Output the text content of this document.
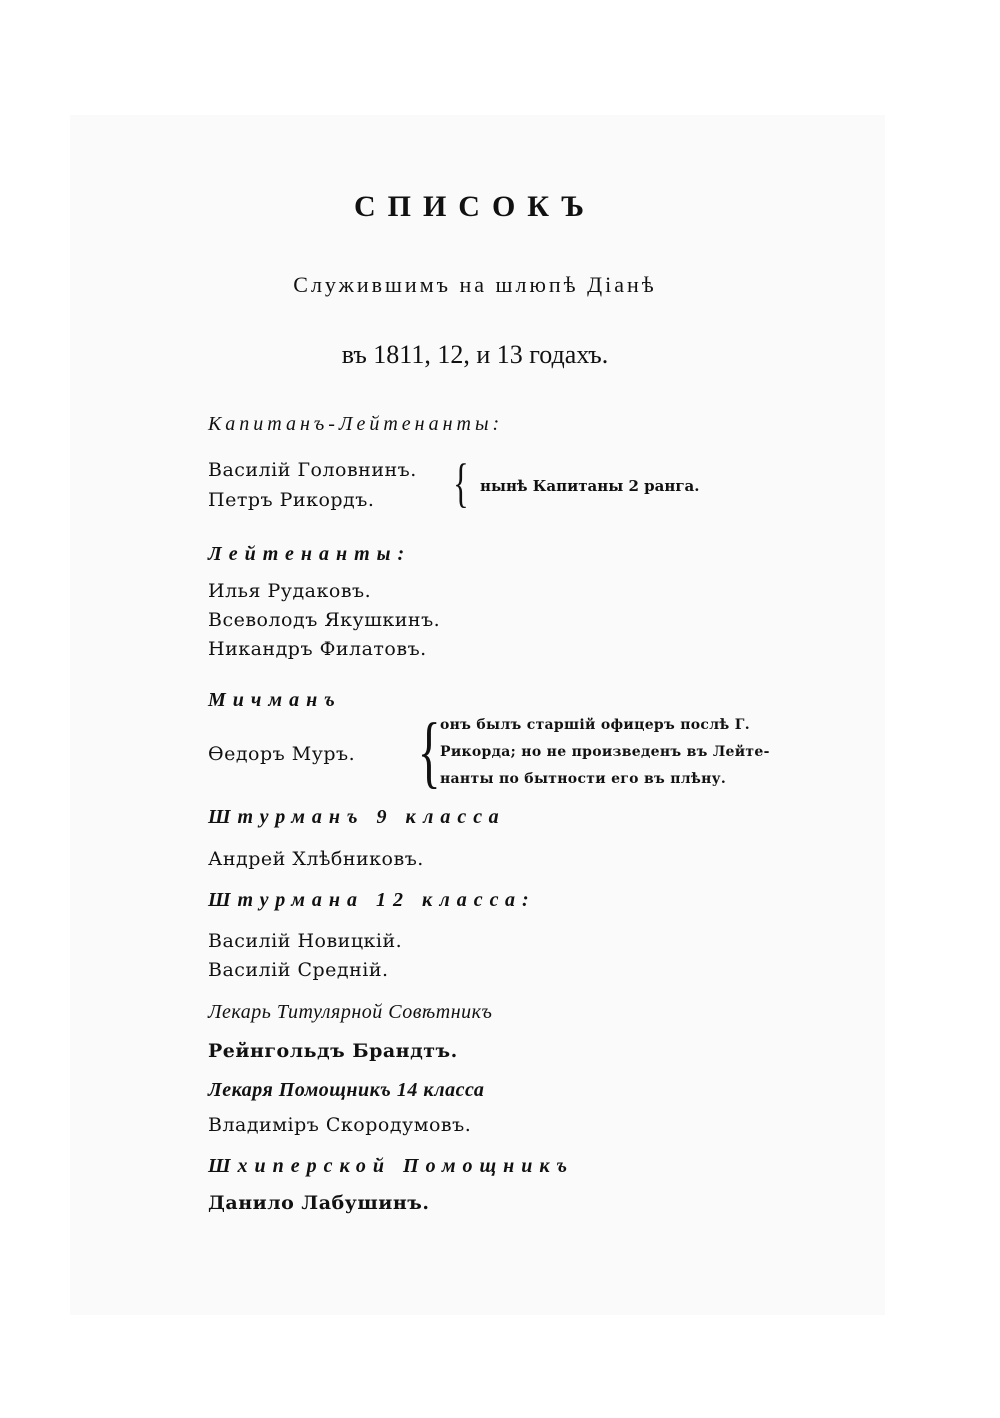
СПИСОКЪ
Служившимъ на шлюпѣ Діанѣ
въ 1811, 12, и 13 годахъ.
Капитанъ-Лейтенанты:
Василій Головнинъ.
Петръ Рикордъ. { нынѣ Капитаны 2 ранга.
Лейтенанты:
Илья Рудаковъ.
Всеволодъ Якушкинъ.
Никандръ Филатовъ.
Мичманъ
Өедоръ Муръ. { онъ былъ старшій офицеръ послѣ Г.
Рикорда; но не произведенъ въ Лейте-
нанты по бытности его въ плѣну.
Штурманъ 9 класса
Андрей Хлѣбниковъ.
Штурмана 12 класса:
Василій Новицкій.
Василій Средній.
Лекарь Титулярной Совѣтникъ
Рейнгольдъ Брандтъ.
Лекаря Помощникъ 14 класса
Владиміръ Скородумовъ.
Шхиперской Помощникъ
Данило Лабушинъ.
